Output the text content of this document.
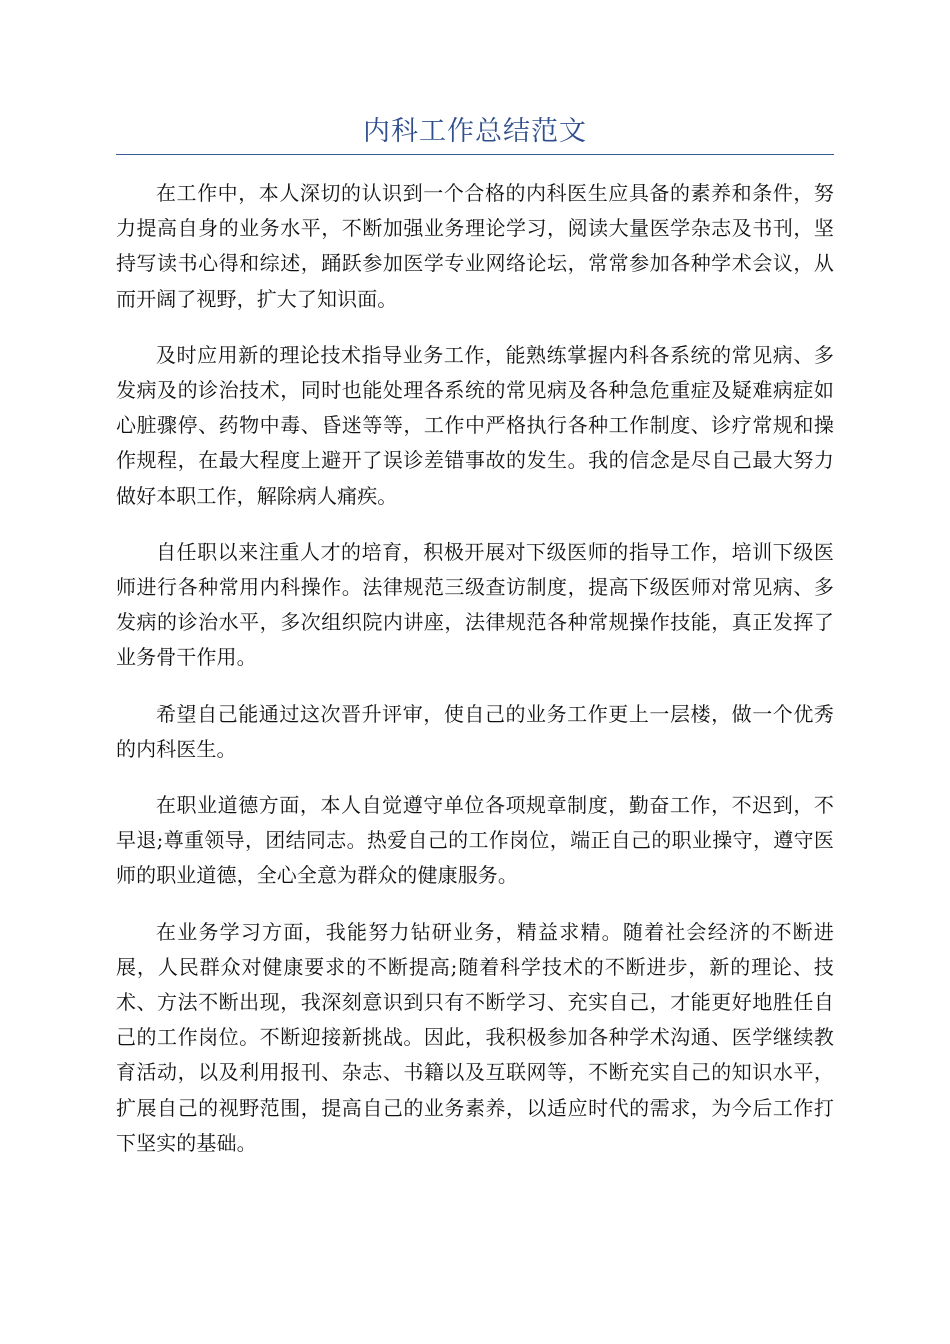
内科工作总结范文

在工作中，本人深切的认识到一个合格的内科医生应具备的素养和条件，努力提高自身的业务水平，不断加强业务理论学习，阅读大量医学杂志及书刊，坚持写读书心得和综述，踊跃参加医学专业网络论坛，常常参加各种学术会议，从而开阔了视野，扩大了知识面。

及时应用新的理论技术指导业务工作，能熟练掌握内科各系统的常见病、多发病及的诊治技术，同时也能处理各系统的常见病及各种急危重症及疑难病症如心脏骤停、药物中毒、昏迷等等，工作中严格执行各种工作制度、诊疗常规和操作规程，在最大程度上避开了误诊差错事故的发生。我的信念是尽自己最大努力做好本职工作，解除病人痛疾。

自任职以来注重人才的培育，积极开展对下级医师的指导工作，培训下级医师进行各种常用内科操作。法律规范三级查访制度，提高下级医师对常见病、多发病的诊治水平，多次组织院内讲座，法律规范各种常规操作技能，真正发挥了业务骨干作用。

希望自己能通过这次晋升评审，使自己的业务工作更上一层楼，做一个优秀的内科医生。

在职业道德方面，本人自觉遵守单位各项规章制度，勤奋工作，不迟到，不早退;尊重领导，团结同志。热爱自己的工作岗位，端正自己的职业操守，遵守医师的职业道德，全心全意为群众的健康服务。

在业务学习方面，我能努力钻研业务，精益求精。随着社会经济的不断进展，人民群众对健康要求的不断提高;随着科学技术的不断进步，新的理论、技术、方法不断出现，我深刻意识到只有不断学习、充实自己，才能更好地胜任自己的工作岗位。不断迎接新挑战。因此，我积极参加各种学术沟通、医学继续教育活动，以及利用报刊、杂志、书籍以及互联网等，不断充实自己的知识水平，扩展自己的视野范围，提高自己的业务素养，以适应时代的需求，为今后工作打下坚实的基础。
